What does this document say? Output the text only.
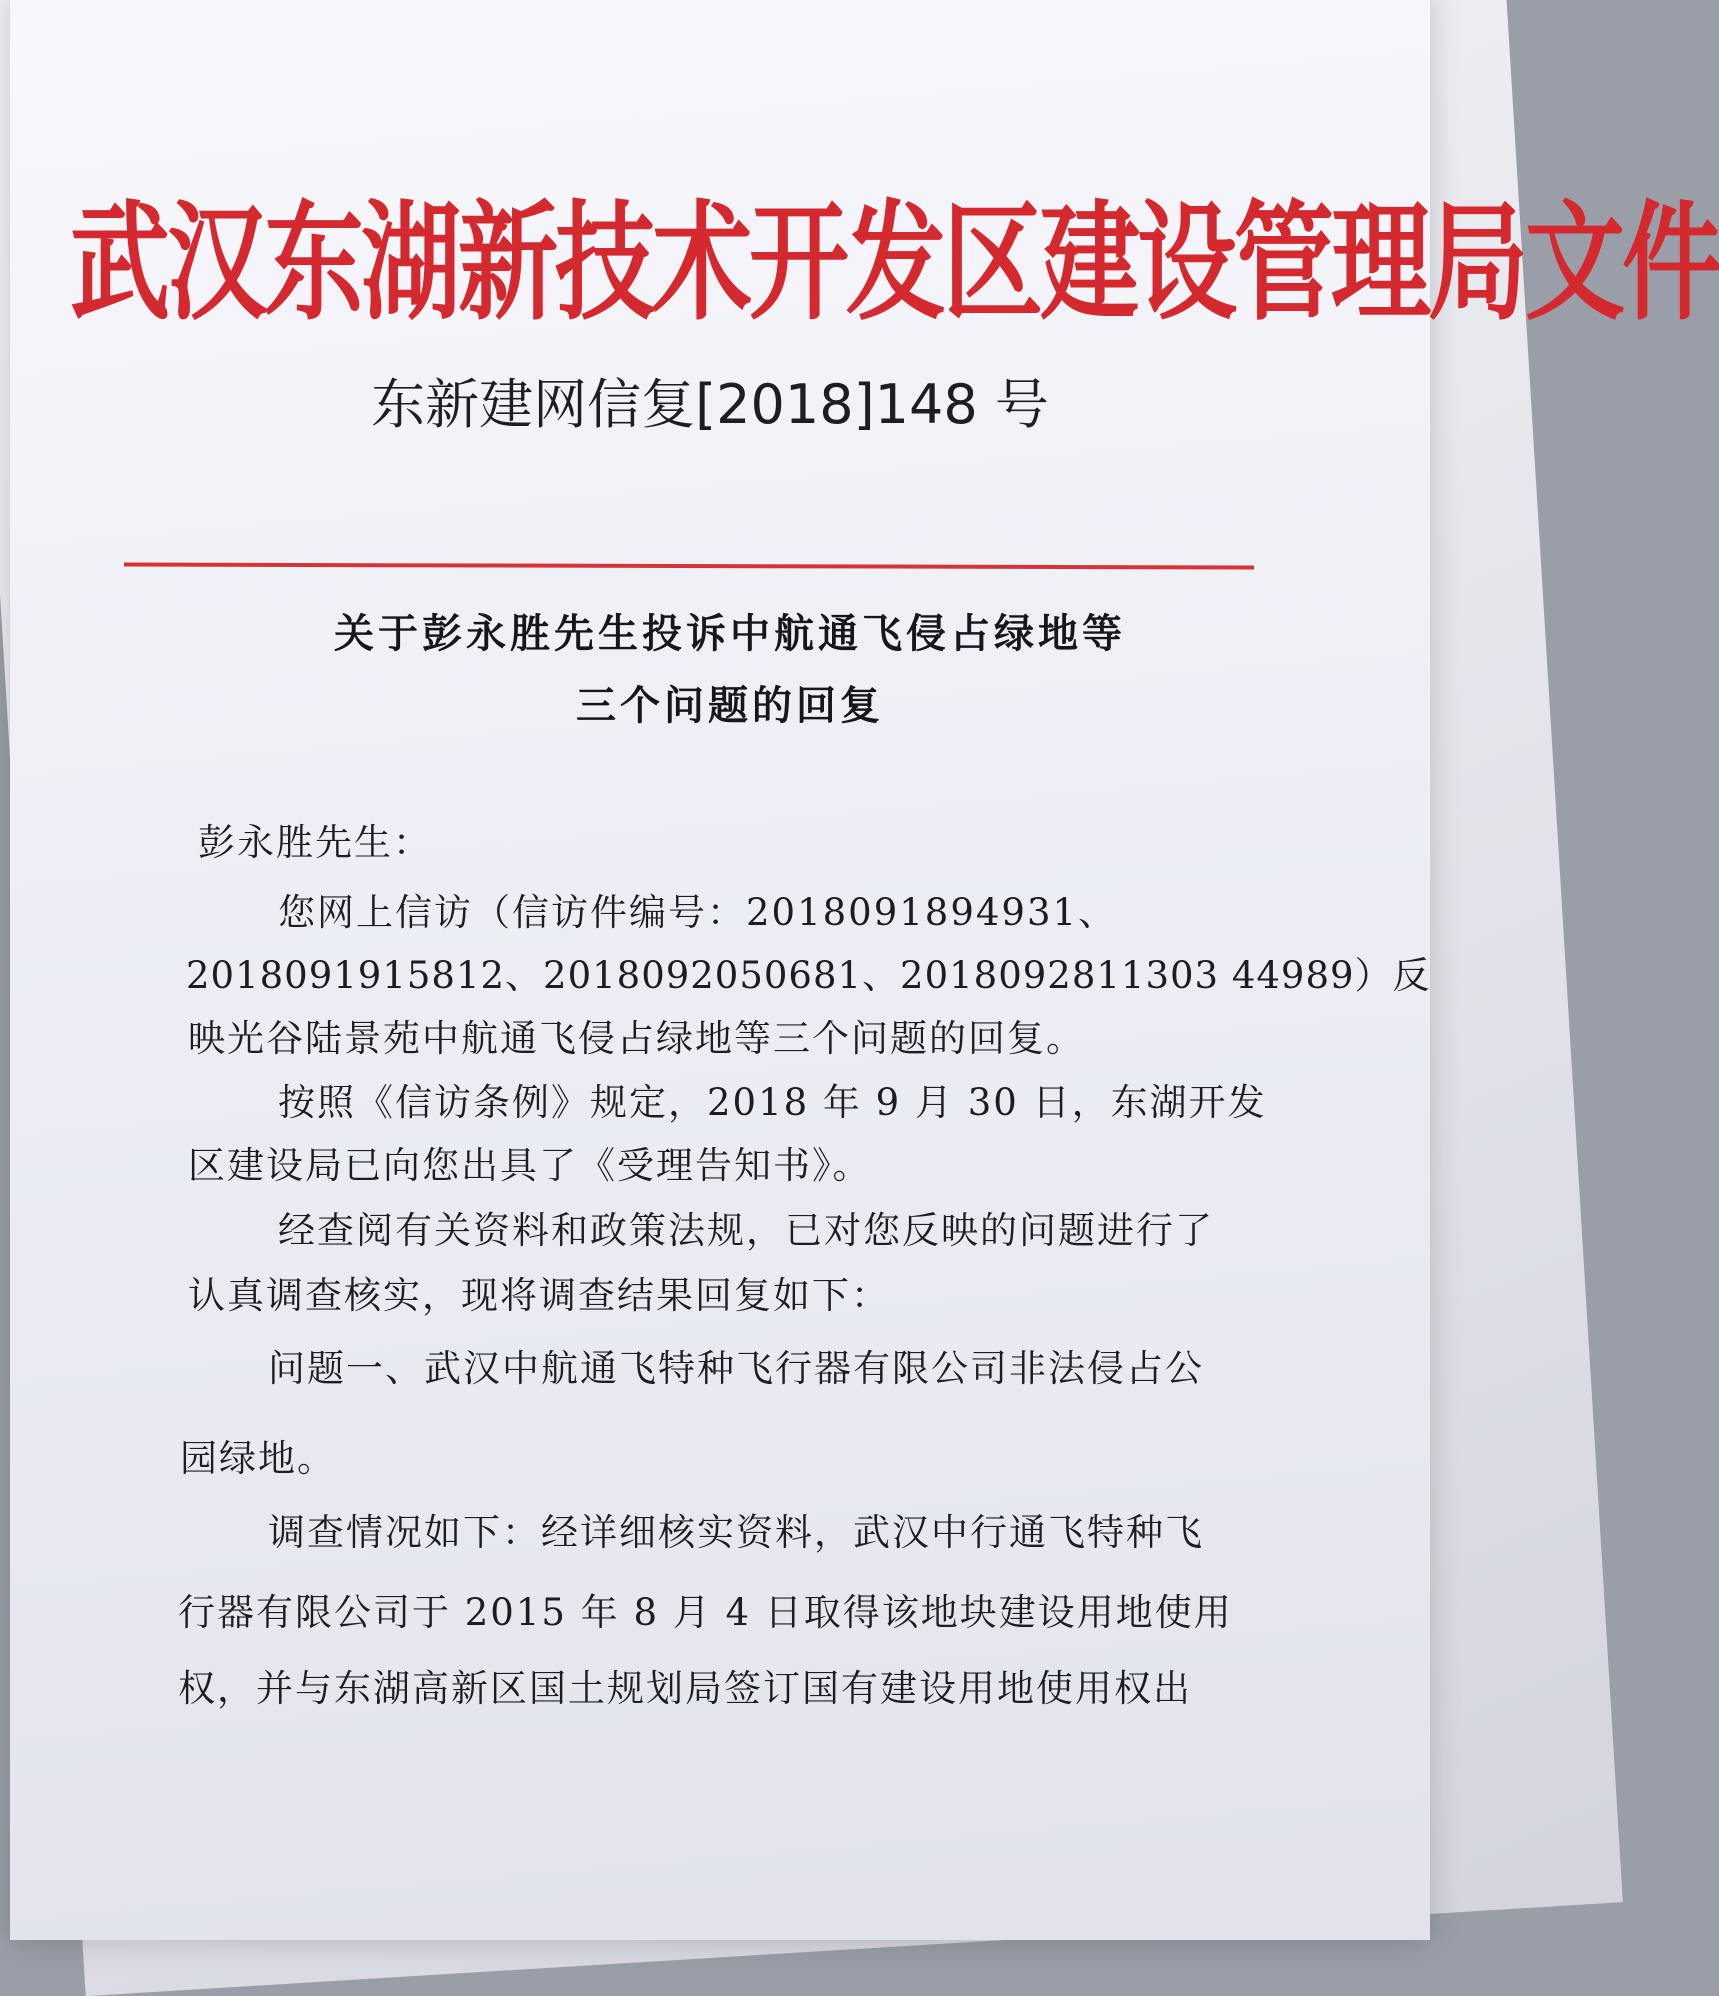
武汉东湖新技术开发区建设管理局文件
东新建网信复[2018]148 号
关于彭永胜先生投诉中航通飞侵占绿地等
三个问题的回复
彭永胜先生：
您网上信访（信访件编号：2018091894931、
2018091915812、2018092050681、2018092811303 44989）反
映光谷陆景苑中航通飞侵占绿地等三个问题的回复。
按照《信访条例》规定，2018 年 9 月 30 日，东湖开发
区建设局已向您出具了《受理告知书》。
经查阅有关资料和政策法规，已对您反映的问题进行了
认真调查核实，现将调查结果回复如下：
问题一、武汉中航通飞特种飞行器有限公司非法侵占公
园绿地。
调查情况如下：经详细核实资料，武汉中行通飞特种飞
行器有限公司于 2015 年 8 月 4 日取得该地块建设用地使用
权，并与东湖高新区国土规划局签订国有建设用地使用权出
